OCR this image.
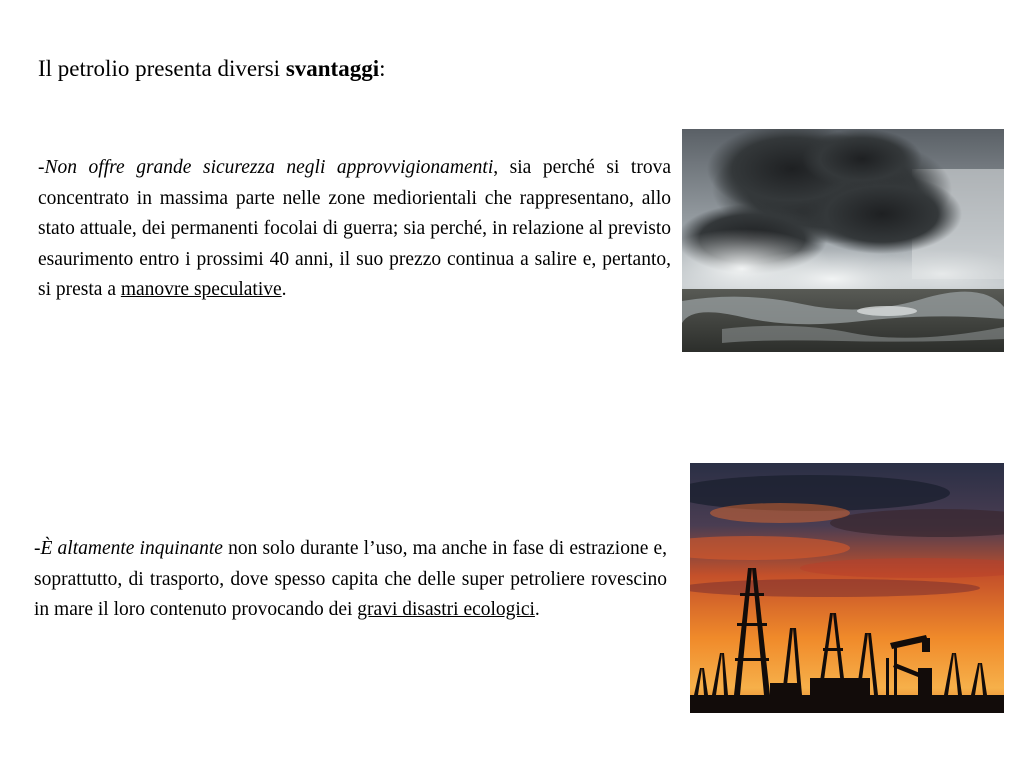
Il petrolio presenta diversi svantaggi:

-Non offre grande sicurezza negli approvvigionamenti, sia perché si trova concentrato in massima parte nelle zone mediorientali che rappresentano, allo stato attuale, dei permanenti focolai di guerra; sia perché, in relazione al previsto esaurimento entro i prossimi 40 anni, il suo prezzo continua a salire e, pertanto, si presta a manovre speculative.

-È altamente inquinante non solo durante l’uso, ma anche in fase di estrazione e, soprattutto, di trasporto, dove spesso capita che delle super petroliere rovescino in mare il loro contenuto provocando dei gravi disastri ecologici.
